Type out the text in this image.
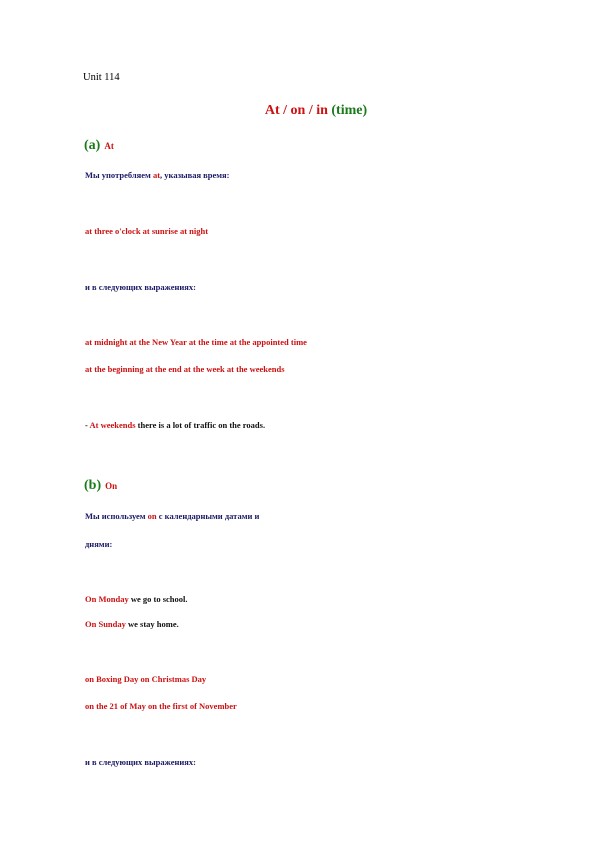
Unit 114
At / on / in (time)
(a) At
Мы употребляем at, указывая время:
at three o'clock at sunrise at night
и в следующих выражениях:
at midnight at the New Year at the time at the appointed time
at the beginning at the end at the week at the weekends
- At weekends there is a lot of traffic on the roads.
(b) On
Мы используем on с календарными датами и
днями:
On Monday we go to school.
On Sunday we stay home.
on Boxing Day on Christmas Day
on the 21 of May on the first of November
и в следующих выражениях:
